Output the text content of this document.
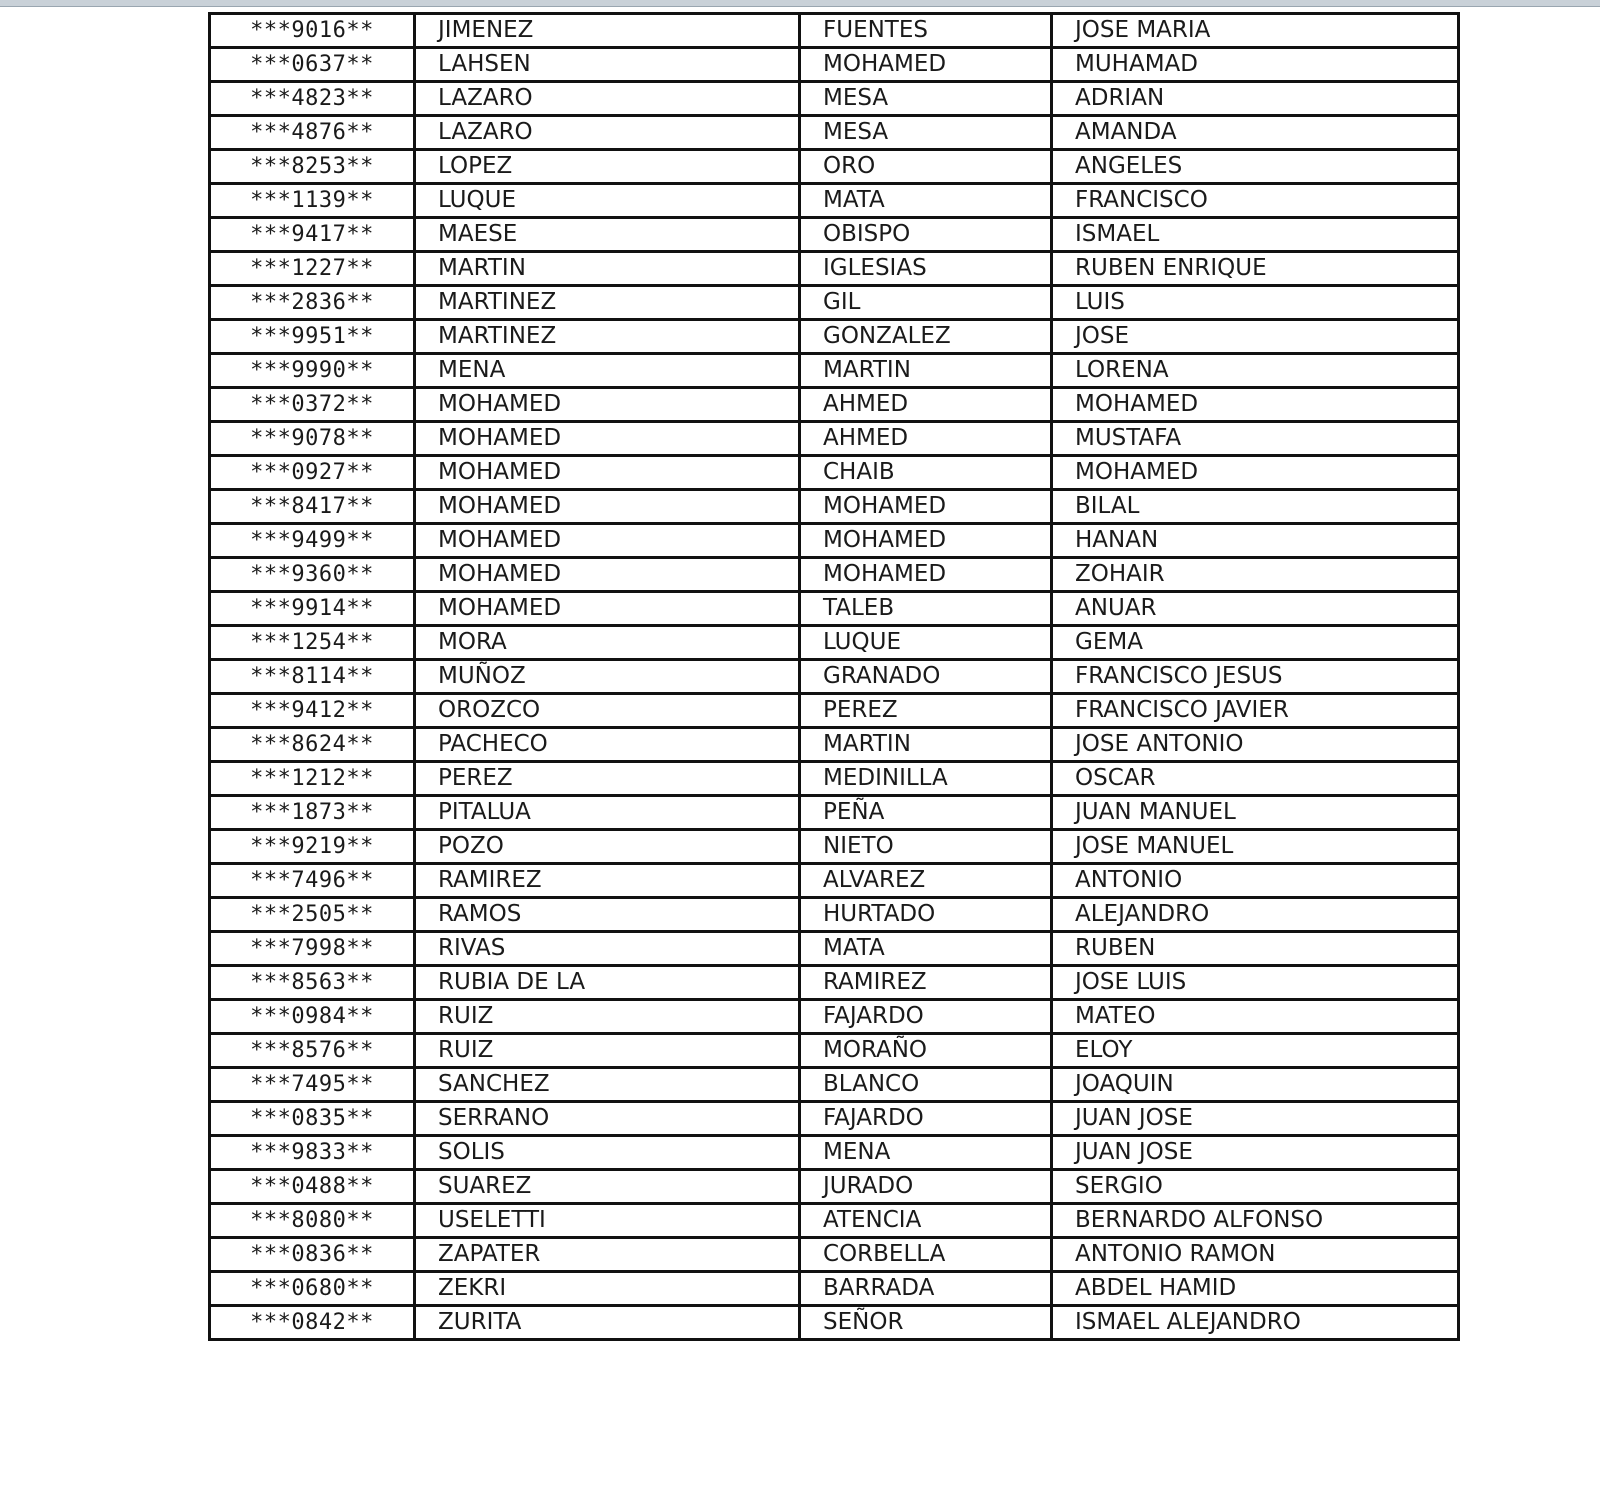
***9016**	JIMENEZ	FUENTES	JOSE MARIA
***0637**	LAHSEN	MOHAMED	MUHAMAD
***4823**	LAZARO	MESA	ADRIAN
***4876**	LAZARO	MESA	AMANDA
***8253**	LOPEZ	ORO	ANGELES
***1139**	LUQUE	MATA	FRANCISCO
***9417**	MAESE	OBISPO	ISMAEL
***1227**	MARTIN	IGLESIAS	RUBEN ENRIQUE
***2836**	MARTINEZ	GIL	LUIS
***9951**	MARTINEZ	GONZALEZ	JOSE
***9990**	MENA	MARTIN	LORENA
***0372**	MOHAMED	AHMED	MOHAMED
***9078**	MOHAMED	AHMED	MUSTAFA
***0927**	MOHAMED	CHAIB	MOHAMED
***8417**	MOHAMED	MOHAMED	BILAL
***9499**	MOHAMED	MOHAMED	HANAN
***9360**	MOHAMED	MOHAMED	ZOHAIR
***9914**	MOHAMED	TALEB	ANUAR
***1254**	MORA	LUQUE	GEMA
***8114**	MUÑOZ	GRANADO	FRANCISCO JESUS
***9412**	OROZCO	PEREZ	FRANCISCO JAVIER
***8624**	PACHECO	MARTIN	JOSE ANTONIO
***1212**	PEREZ	MEDINILLA	OSCAR
***1873**	PITALUA	PEÑA	JUAN MANUEL
***9219**	POZO	NIETO	JOSE MANUEL
***7496**	RAMIREZ	ALVAREZ	ANTONIO
***2505**	RAMOS	HURTADO	ALEJANDRO
***7998**	RIVAS	MATA	RUBEN
***8563**	RUBIA DE LA	RAMIREZ	JOSE LUIS
***0984**	RUIZ	FAJARDO	MATEO
***8576**	RUIZ	MORAÑO	ELOY
***7495**	SANCHEZ	BLANCO	JOAQUIN
***0835**	SERRANO	FAJARDO	JUAN JOSE
***9833**	SOLIS	MENA	JUAN JOSE
***0488**	SUAREZ	JURADO	SERGIO
***8080**	USELETTI	ATENCIA	BERNARDO ALFONSO
***0836**	ZAPATER	CORBELLA	ANTONIO RAMON
***0680**	ZEKRI	BARRADA	ABDEL HAMID
***0842**	ZURITA	SEÑOR	ISMAEL ALEJANDRO
